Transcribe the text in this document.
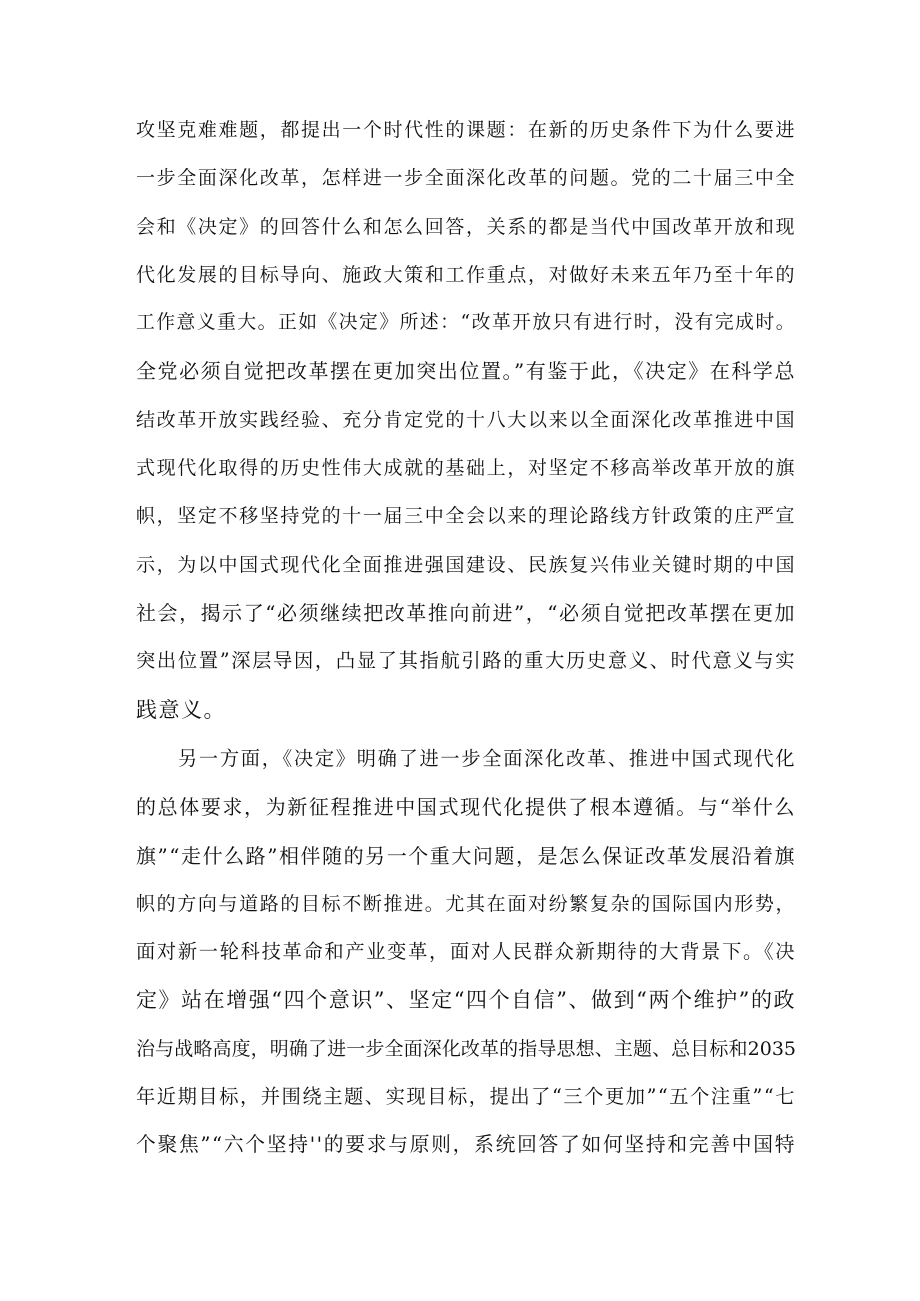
攻坚克难难题，都提出一个时代性的课题：在新的历史条件下为什么要进
一步全面深化改革，怎样进一步全面深化改革的问题。党的二十届三中全
会和《决定》的回答什么和怎么回答，关系的都是当代中国改革开放和现
代化发展的目标导向、施政大策和工作重点，对做好未来五年乃至十年的
工作意义重大。正如《决定》所述：“改革开放只有进行时，没有完成时。
全党必须自觉把改革摆在更加突出位置。”有鉴于此，《决定》在科学总
结改革开放实践经验、充分肯定党的十八大以来以全面深化改革推进中国
式现代化取得的历史性伟大成就的基础上，对坚定不移高举改革开放的旗
帜，坚定不移坚持党的十一届三中全会以来的理论路线方针政策的庄严宣
示，为以中国式现代化全面推进强国建设、民族复兴伟业关键时期的中国
社会，揭示了“必须继续把改革推向前进”，“必须自觉把改革摆在更加
突出位置”深层导因，凸显了其指航引路的重大历史意义、时代意义与实
践意义。
另一方面，《决定》明确了进一步全面深化改革、推进中国式现代化
的总体要求，为新征程推进中国式现代化提供了根本遵循。与“举什么
旗”“走什么路”相伴随的另一个重大问题，是怎么保证改革发展沿着旗
帜的方向与道路的目标不断推进。尤其在面对纷繁复杂的国际国内形势，
面对新一轮科技革命和产业变革，面对人民群众新期待的大背景下。《决
定》站在增强“四个意识”、坚定“四个自信”、做到“两个维护”的政
治与战略高度，明确了进一步全面深化改革的指导思想、主题、总目标和2035
年近期目标，并围绕主题、实现目标，提出了“三个更加”“五个注重”“七
个聚焦”“六个坚持''的要求与原则，系统回答了如何坚持和完善中国特
